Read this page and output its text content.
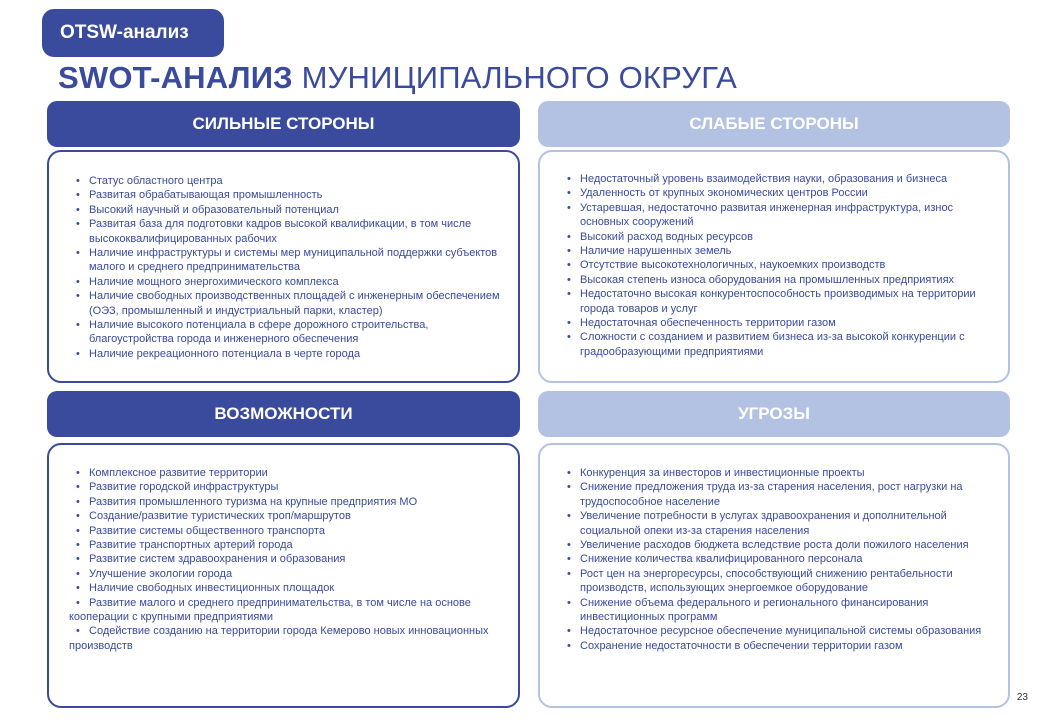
OTSW-анализ
SWOT-АНАЛИЗ МУНИЦИПАЛЬНОГО ОКРУГА
СИЛЬНЫЕ СТОРОНЫ
• Статус областного центра
• Развитая обрабатывающая промышленность
• Высокий научный и образовательный потенциал
• Развитая база для подготовки кадров высокой квалификации, в том числе высококвалифицированных рабочих
• Наличие инфраструктуры и системы мер муниципальной поддержки субъектов малого и среднего предпринимательства
• Наличие мощного энергохимического комплекса
• Наличие свободных производственных площадей с инженерным обеспечением (ОЭЗ, промышленный и индустриальный парки, кластер)
• Наличие высокого потенциала в сфере дорожного строительства, благоустройства города и инженерного обеспечения
• Наличие рекреационного потенциала в черте города
СЛАБЫЕ СТОРОНЫ
• Недостаточный уровень взаимодействия науки, образования и бизнеса
• Удаленность от крупных экономических центров России
• Устаревшая, недостаточно развитая инженерная инфраструктура, износ основных сооружений
• Высокий расход водных ресурсов
• Наличие нарушенных земель
• Отсутствие высокотехнологичных, наукоемких производств
• Высокая степень износа оборудования на промышленных предприятиях
• Недостаточно высокая конкурентоспособность производимых на территории города товаров и услуг
• Недостаточная обеспеченность территории газом
• Сложности с созданием и развитием бизнеса из-за высокой конкуренции с градообразующими предприятиями
ВОЗМОЖНОСТИ
• Комплексное развитие территории
• Развитие городской инфраструктуры
• Развития промышленного туризма на крупные предприятия МО
• Создание/развитие туристических троп/маршрутов
• Развитие системы общественного транспорта
• Развитие транспортных артерий города
• Развитие систем здравоохранения и образования
• Улучшение экологии города
• Наличие свободных инвестиционных площадок
• Развитие малого и среднего предпринимательства, в том числе на основе кооперации с крупными предприятиями
• Содействие созданию на территории города Кемерово новых инновационных производств
УГРОЗЫ
• Конкуренция за инвесторов и инвестиционные проекты
• Снижение предложения труда из-за старения населения, рост нагрузки на трудоспособное население
• Увеличение потребности в услугах здравоохранения и дополнительной социальной опеки из-за старения населения
• Увеличение расходов бюджета вследствие роста доли пожилого населения
• Снижение количества квалифицированного персонала
• Рост цен на энергоресурсы, способствующий снижению рентабельности производств, использующих энергоемкое оборудование
• Снижение объема федерального и регионального финансирования инвестиционных программ
• Недостаточное ресурсное обеспечение муниципальной системы образования
• Сохранение недостаточности в обеспечении территории газом
23
